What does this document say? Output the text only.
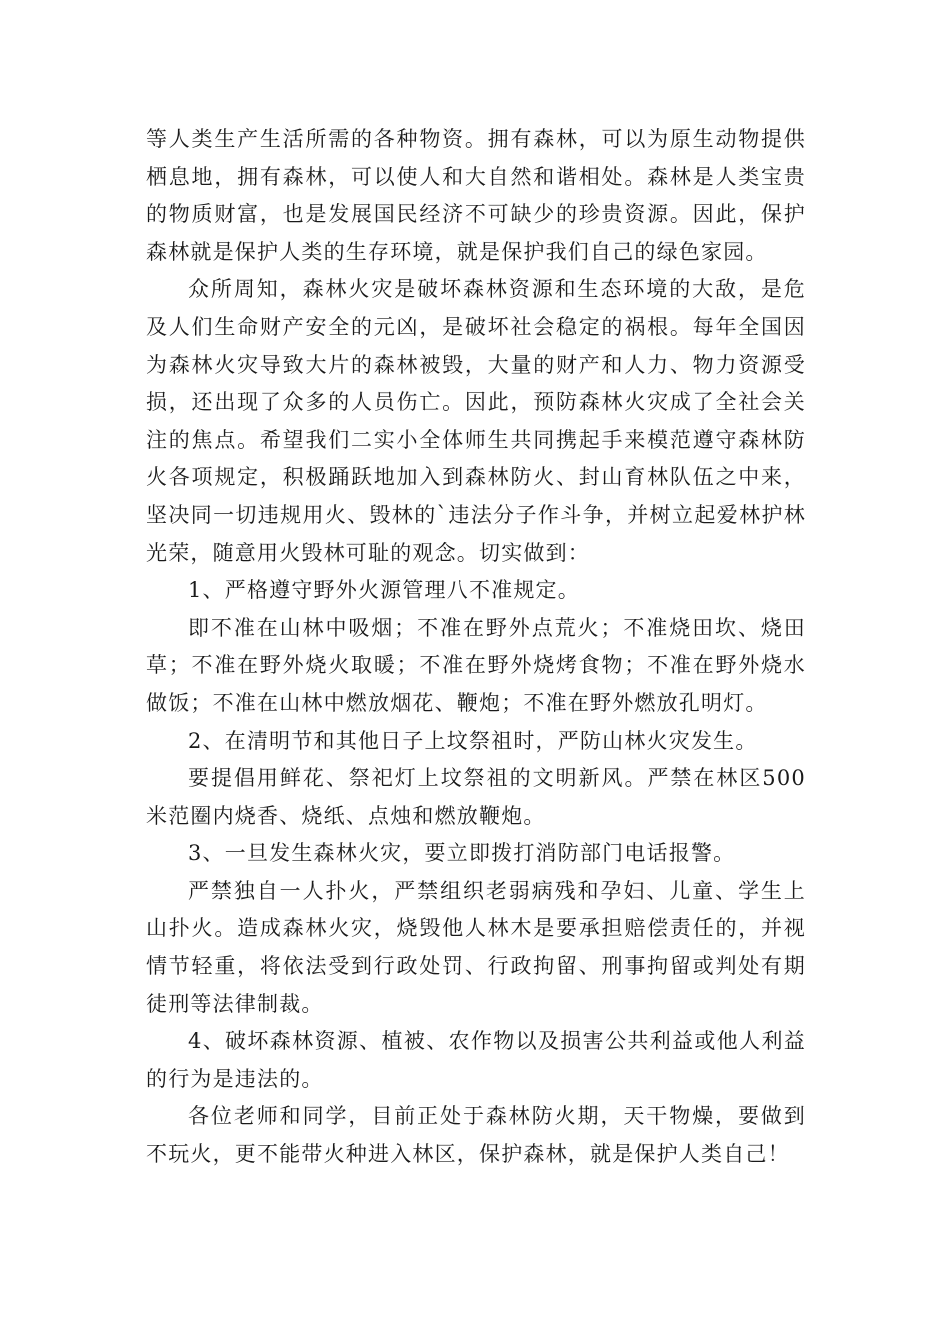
等人类生产生活所需的各种物资。拥有森林，可以为原生动物提供栖息地，拥有森林，可以使人和大自然和谐相处。森林是人类宝贵的物质财富，也是发展国民经济不可缺少的珍贵资源。因此，保护森林就是保护人类的生存环境，就是保护我们自己的绿色家园。

众所周知，森林火灾是破坏森林资源和生态环境的大敌，是危及人们生命财产安全的元凶，是破坏社会稳定的祸根。每年全国因为森林火灾导致大片的森林被毁，大量的财产和人力、物力资源受损，还出现了众多的人员伤亡。因此，预防森林火灾成了全社会关注的焦点。希望我们二实小全体师生共同携起手来模范遵守森林防火各项规定，积极踊跃地加入到森林防火、封山育林队伍之中来，坚决同一切违规用火、毁林的`违法分子作斗争，并树立起爱林护林光荣，随意用火毁林可耻的观念。切实做到：

1、严格遵守野外火源管理八不准规定。

即不准在山林中吸烟；不准在野外点荒火；不准烧田坎、烧田草；不准在野外烧火取暖；不准在野外烧烤食物；不准在野外烧水做饭；不准在山林中燃放烟花、鞭炮；不准在野外燃放孔明灯。

2、在清明节和其他日子上坟祭祖时，严防山林火灾发生。

要提倡用鲜花、祭祀灯上坟祭祖的文明新风。严禁在林区500米范圈内烧香、烧纸、点烛和燃放鞭炮。

3、一旦发生森林火灾，要立即拨打消防部门电话报警。

严禁独自一人扑火，严禁组织老弱病残和孕妇、儿童、学生上山扑火。造成森林火灾，烧毁他人林木是要承担赔偿责任的，并视情节轻重，将依法受到行政处罚、行政拘留、刑事拘留或判处有期徒刑等法律制裁。

4、破坏森林资源、植被、农作物以及损害公共利益或他人利益的行为是违法的。

各位老师和同学，目前正处于森林防火期，天干物燥，要做到不玩火，更不能带火种进入林区，保护森林，就是保护人类自己！
